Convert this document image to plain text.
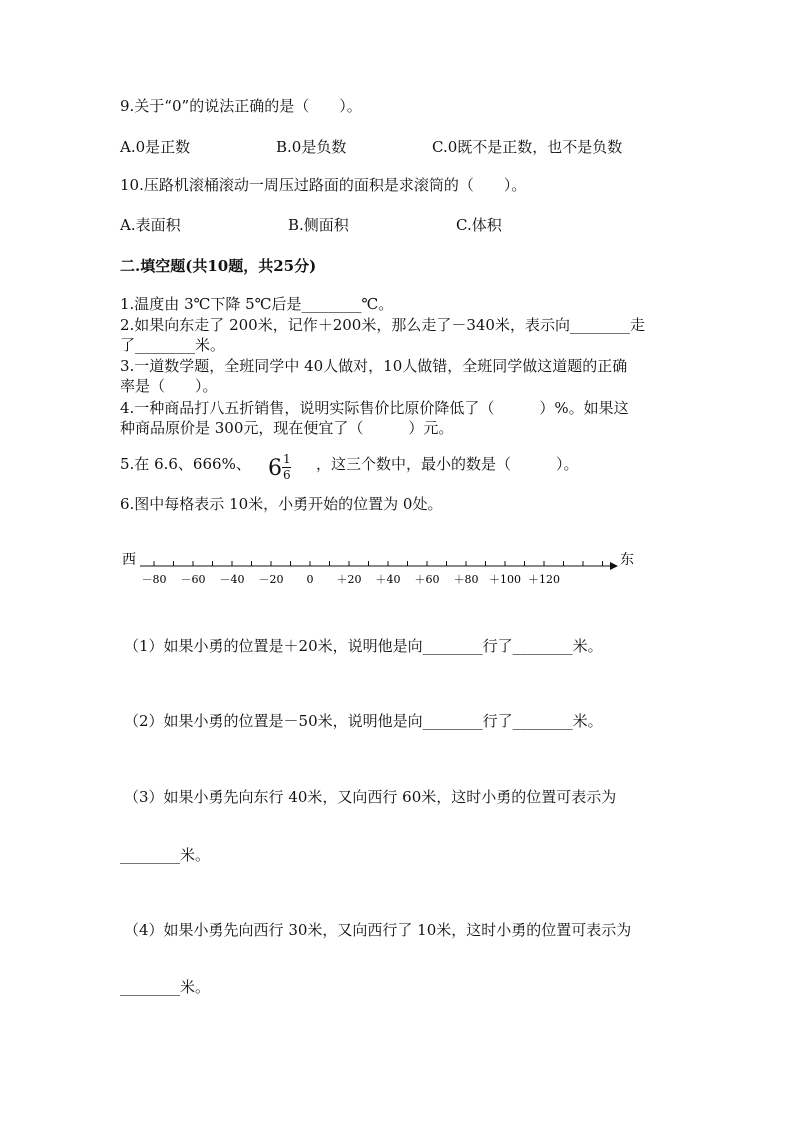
9.关于“0”的说法正确的是（　　）。
A.0是正数	B.0是负数	C.0既不是正数，也不是负数
10.压路机滚桶滚动一周压过路面的面积是求滚筒的（　　）。
A.表面积	B.侧面积	C.体积
二.填空题(共10题，共25分)
1.温度由 3℃下降 5℃后是________℃。
2.如果向东走了 200米，记作＋200米，那么走了－340米，表示向________走
了________米。
3.一道数学题，全班同学中 40人做对，10人做错，全班同学做这道题的正确
率是（　　）。
4.一种商品打八五折销售，说明实际售价比原价降低了（　　　）%。如果这
种商品原价是 300元，现在便宜了（　　　）元。
5.在 6.6、666%、 6 1
6
，这三个数中，最小的数是（　　　）。
6.图中每格表示 10米，小勇开始的位置为 0处。
西	东
－80 －60 －40 －20 0 ＋20 ＋40 ＋60 ＋80 ＋100 ＋120
（1）如果小勇的位置是＋20米，说明他是向________行了________米。
（2）如果小勇的位置是－50米，说明他是向________行了________米。
（3）如果小勇先向东行 40米，又向西行 60米，这时小勇的位置可表示为
________米。
（4）如果小勇先向西行 30米，又向西行了 10米，这时小勇的位置可表示为
________米。
